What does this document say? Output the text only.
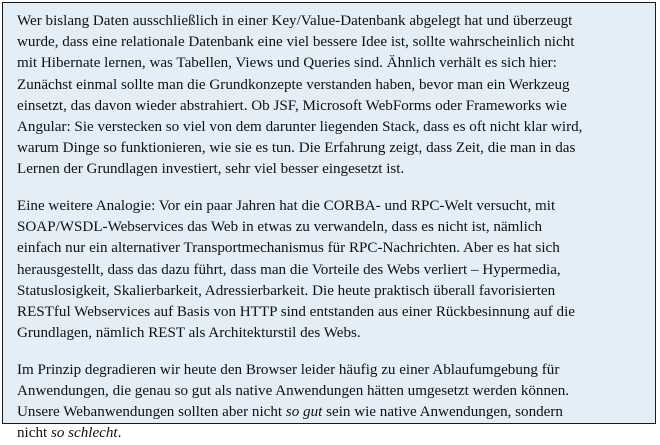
Wer bislang Daten ausschließlich in einer Key/Value-Datenbank abgelegt hat und überzeugt
wurde, dass eine relationale Datenbank eine viel bessere Idee ist, sollte wahrscheinlich nicht
mit Hibernate lernen, was Tabellen, Views und Queries sind. Ähnlich verhält es sich hier:
Zunächst einmal sollte man die Grundkonzepte verstanden haben, bevor man ein Werkzeug
einsetzt, das davon wieder abstrahiert. Ob JSF, Microsoft WebForms oder Frameworks wie
Angular: Sie verstecken so viel von dem darunter liegenden Stack, dass es oft nicht klar wird,
warum Dinge so funktionieren, wie sie es tun. Die Erfahrung zeigt, dass Zeit, die man in das
Lernen der Grundlagen investiert, sehr viel besser eingesetzt ist.

Eine weitere Analogie: Vor ein paar Jahren hat die CORBA- und RPC-Welt versucht, mit
SOAP/WSDL-Webservices das Web in etwas zu verwandeln, dass es nicht ist, nämlich
einfach nur ein alternativer Transportmechanismus für RPC-Nachrichten. Aber es hat sich
herausgestellt, dass das dazu führt, dass man die Vorteile des Webs verliert – Hypermedia,
Statuslosigkeit, Skalierbarkeit, Adressierbarkeit. Die heute praktisch überall favorisierten
RESTful Webservices auf Basis von HTTP sind entstanden aus einer Rückbesinnung auf die
Grundlagen, nämlich REST als Architekturstil des Webs.

Im Prinzip degradieren wir heute den Browser leider häufig zu einer Ablaufumgebung für
Anwendungen, die genau so gut als native Anwendungen hätten umgesetzt werden können.
Unsere Webanwendungen sollten aber nicht so gut sein wie native Anwendungen, sondern
nicht so schlecht.
